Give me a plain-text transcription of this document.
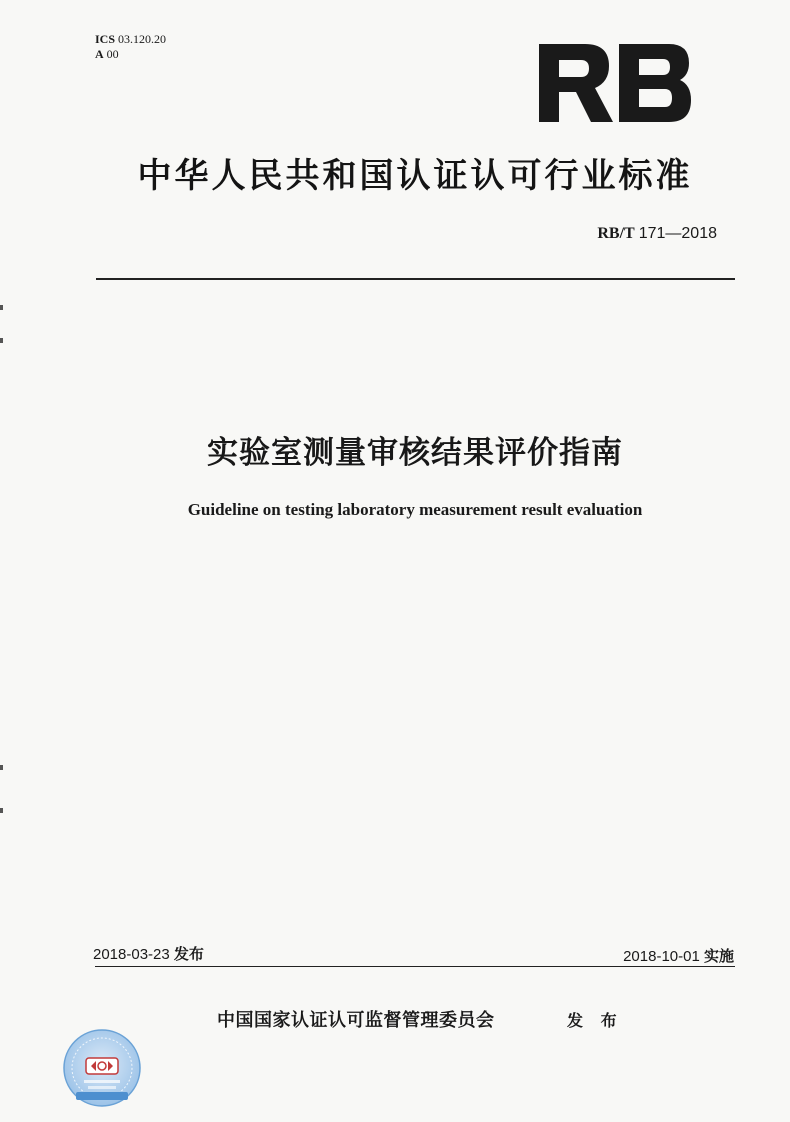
ICS 03.120.20
A 00
中华人民共和国认证认可行业标准
RB/T 171—2018
实验室测量审核结果评价指南
Guideline on testing laboratory measurement result evaluation
2018-03-23 发布	2018-10-01 实施
中国国家认证认可监督管理委员会	发 布
